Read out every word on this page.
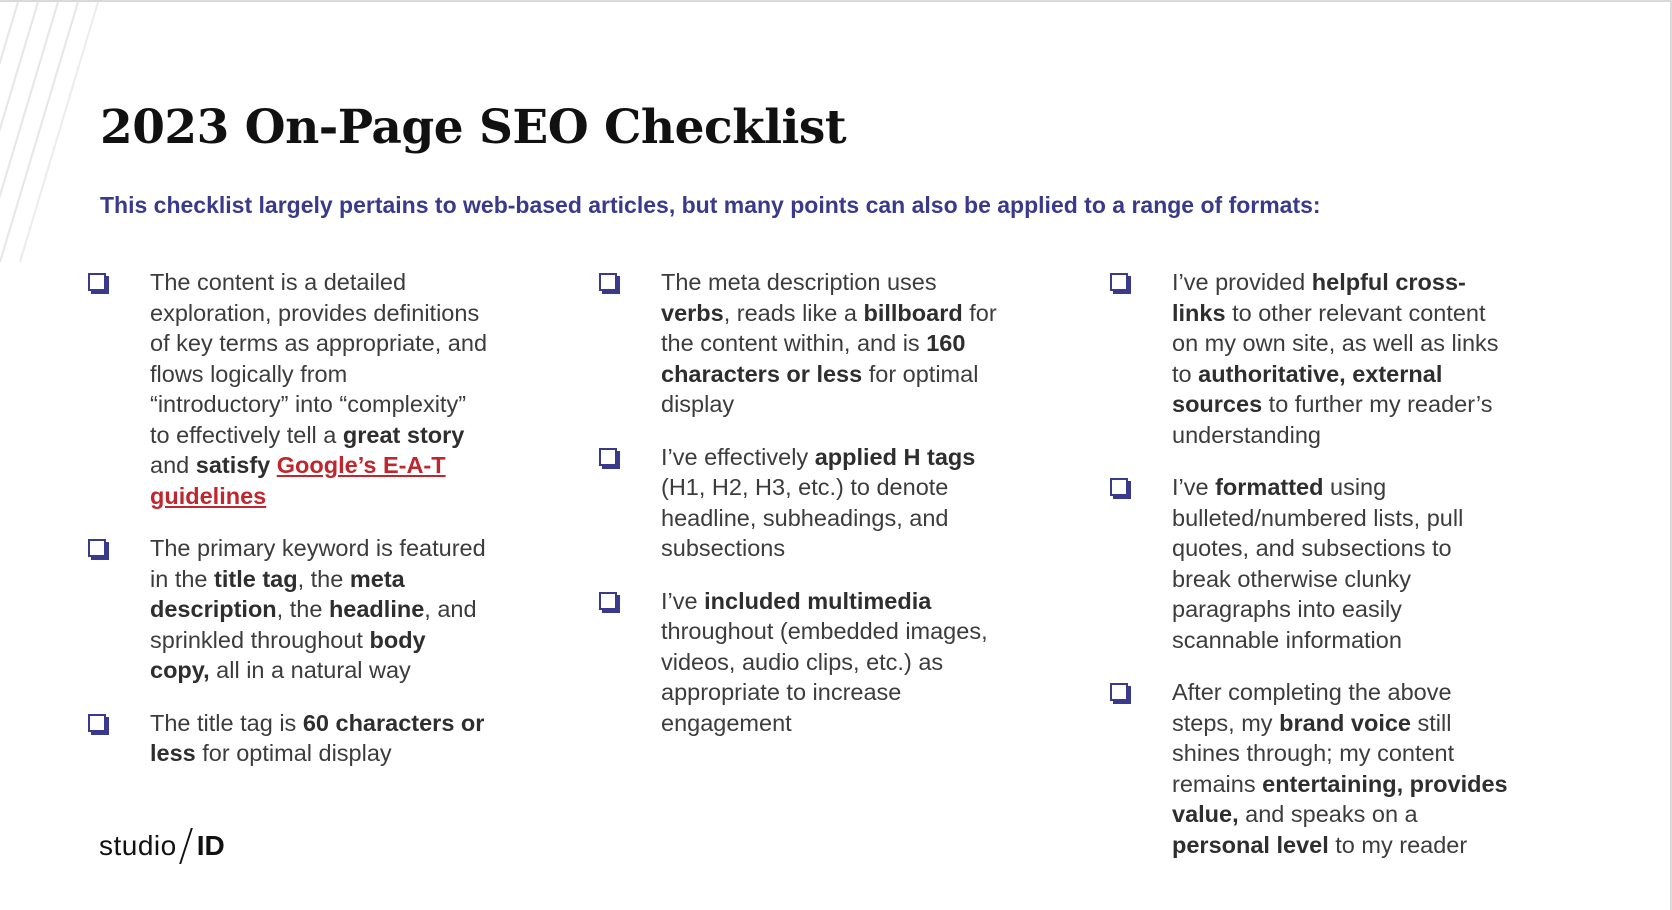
2023 On-Page SEO Checklist

This checklist largely pertains to web-based articles, but many points can also be applied to a range of formats:

The content is a detailed exploration, provides definitions of key terms as appropriate, and flows logically from “introductory” into “complexity” to effectively tell a great story and satisfy Google’s E-A-T guidelines
The primary keyword is featured in the title tag, the meta description, the headline, and sprinkled throughout body copy, all in a natural way
The title tag is 60 characters or less for optimal display
The meta description uses verbs, reads like a billboard for the content within, and is 160 characters or less for optimal display
I’ve effectively applied H tags (H1, H2, H3, etc.) to denote headline, subheadings, and subsections
I’ve included multimedia throughout (embedded images, videos, audio clips, etc.) as appropriate to increase engagement
I’ve provided helpful cross-links to other relevant content on my own site, as well as links to authoritative, external sources to further my reader’s understanding
I’ve formatted using bulleted/numbered lists, pull quotes, and subsections to break otherwise clunky paragraphs into easily scannable information
After completing the above steps, my brand voice still shines through; my content remains entertaining, provides value, and speaks on a personal level to my reader
studio ID
